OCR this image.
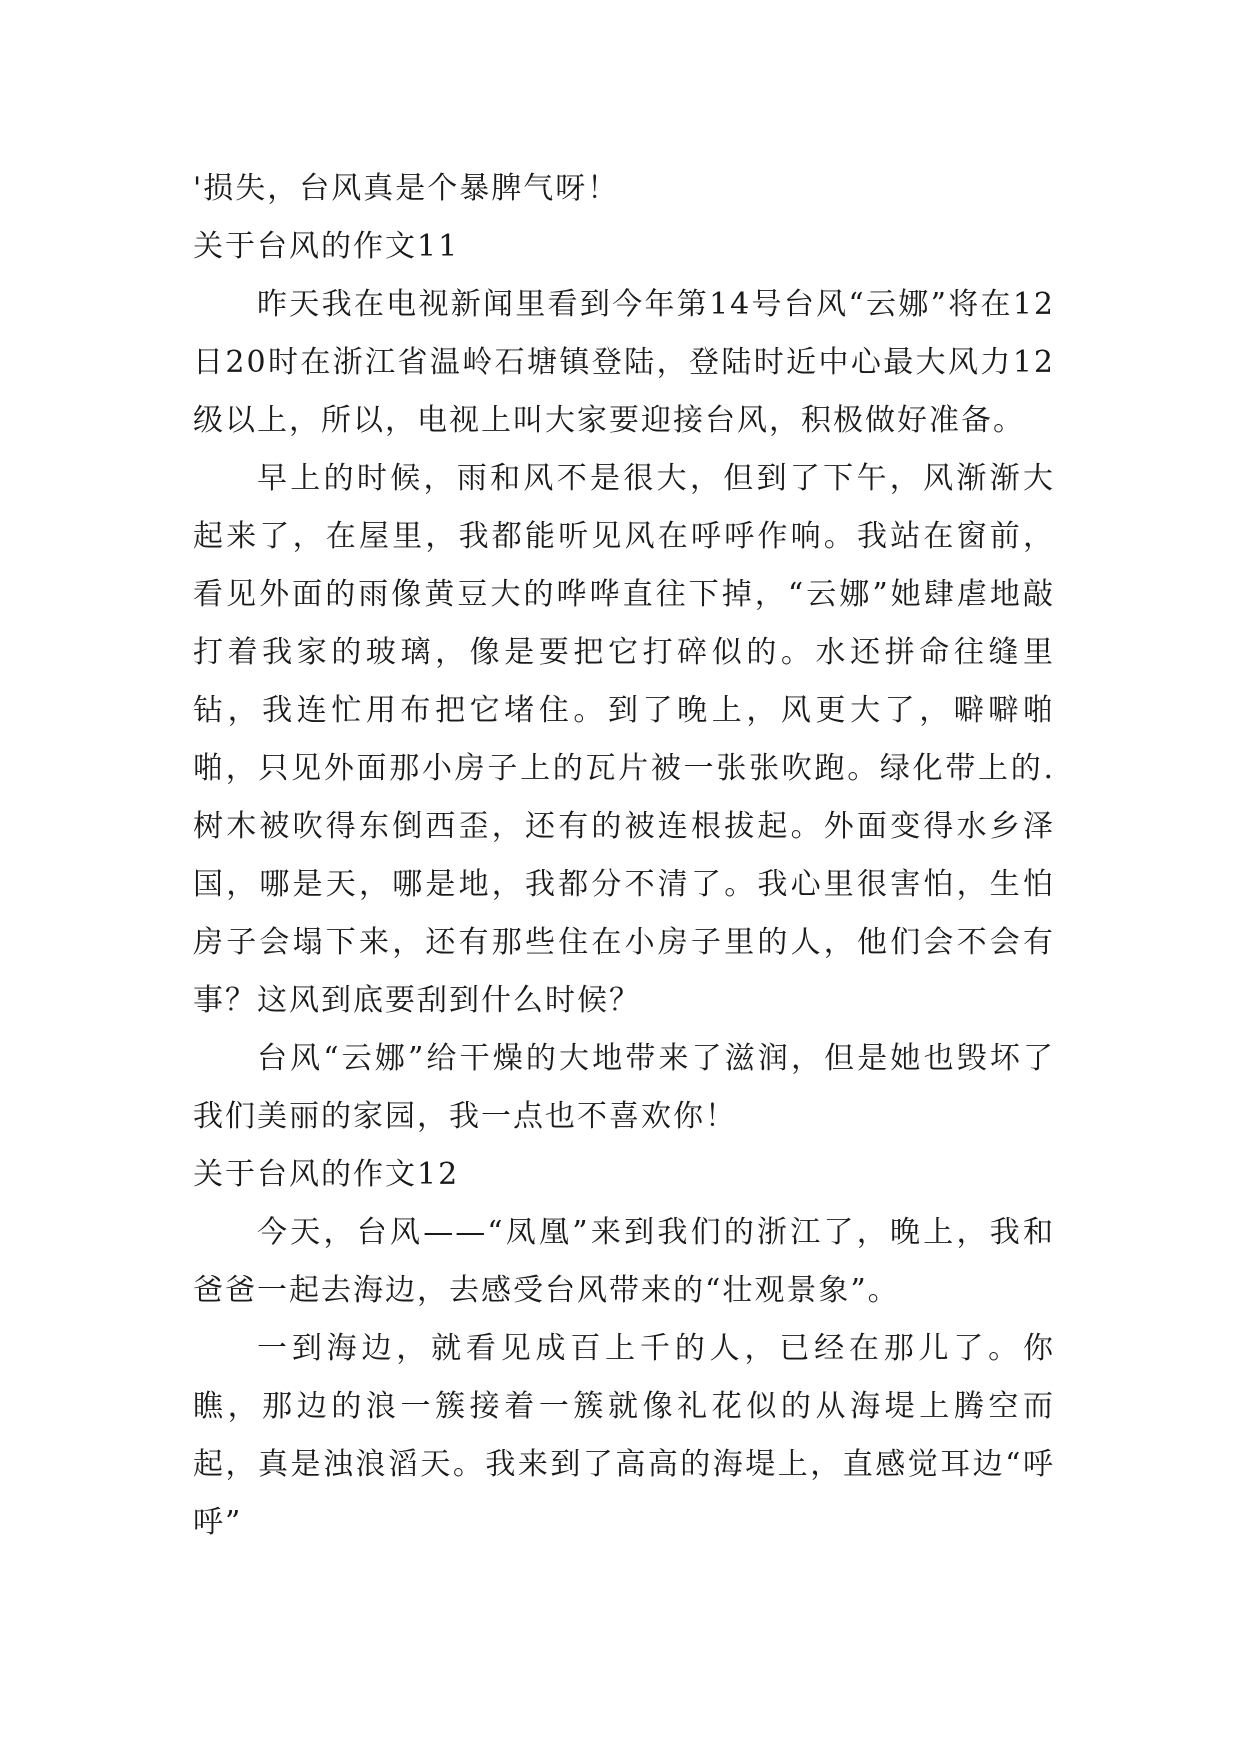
'损失，台风真是个暴脾气呀！

关于台风的作文11

昨天我在电视新闻里看到今年第14号台风“云娜”将在12日20时在浙江省温岭石塘镇登陆，登陆时近中心最大风力12级以上，所以，电视上叫大家要迎接台风，积极做好准备。

早上的时候，雨和风不是很大，但到了下午，风渐渐大起来了，在屋里，我都能听见风在呼呼作响。我站在窗前，看见外面的雨像黄豆大的哗哗直往下掉，“云娜”她肆虐地敲打着我家的玻璃，像是要把它打碎似的。水还拼命往缝里钻，我连忙用布把它堵住。到了晚上，风更大了，噼噼啪啪，只见外面那小房子上的瓦片被一张张吹跑。绿化带上的.树木被吹得东倒西歪，还有的被连根拔起。外面变得水乡泽国，哪是天，哪是地，我都分不清了。我心里很害怕，生怕房子会塌下来，还有那些住在小房子里的人，他们会不会有事？这风到底要刮到什么时候？

台风“云娜”给干燥的大地带来了滋润，但是她也毁坏了我们美丽的家园，我一点也不喜欢你！

关于台风的作文12

今天，台风——“凤凰”来到我们的浙江了，晚上，我和爸爸一起去海边，去感受台风带来的“壮观景象”。

一到海边，就看见成百上千的人，已经在那儿了。你瞧，那边的浪一簇接着一簇就像礼花似的从海堤上腾空而起，真是浊浪滔天。我来到了高高的海堤上，直感觉耳边“呼呼”
